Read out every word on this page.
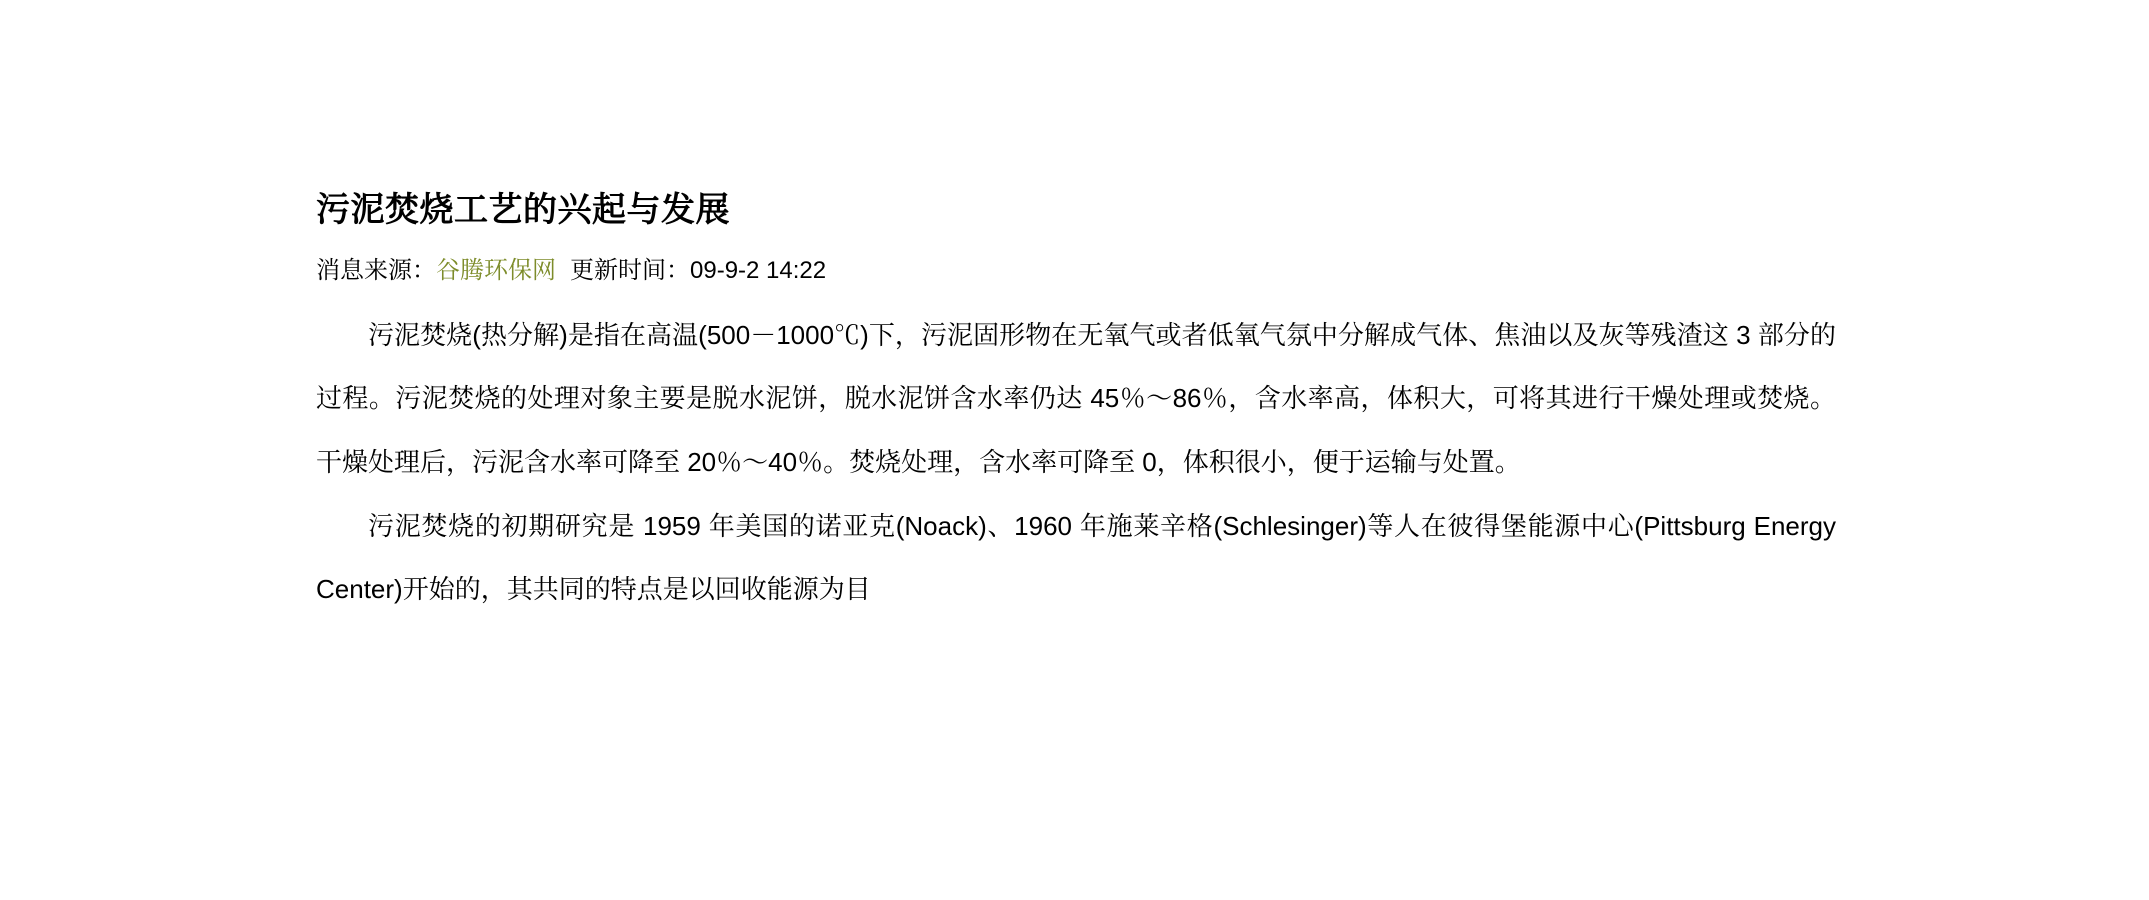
污泥焚烧工艺的兴起与发展
消息来源：谷腾环保网 更新时间：09-9-2 14:22

污泥焚烧(热分解)是指在高温(500－1000℃)下，污泥固形物在无氧气或者低氧气氛中分解成气体、焦油以及灰等残渣这 3 部分的过程。污泥焚烧的处理对象主要是脱水泥饼，脱水泥饼含水率仍达 45％～86％，含水率高，体积大，可将其进行干燥处理或焚烧。干燥处理后，污泥含水率可降至 20％～40％。焚烧处理，含水率可降至 0，体积很小，便于运输与处置。

污泥焚烧的初期研究是 1959 年美国的诺亚克(Noack)、1960 年施莱辛格(Schlesinger)等人在彼得堡能源中心(Pittsburg Energy Center)开始的，其共同的特点是以回收能源为目
